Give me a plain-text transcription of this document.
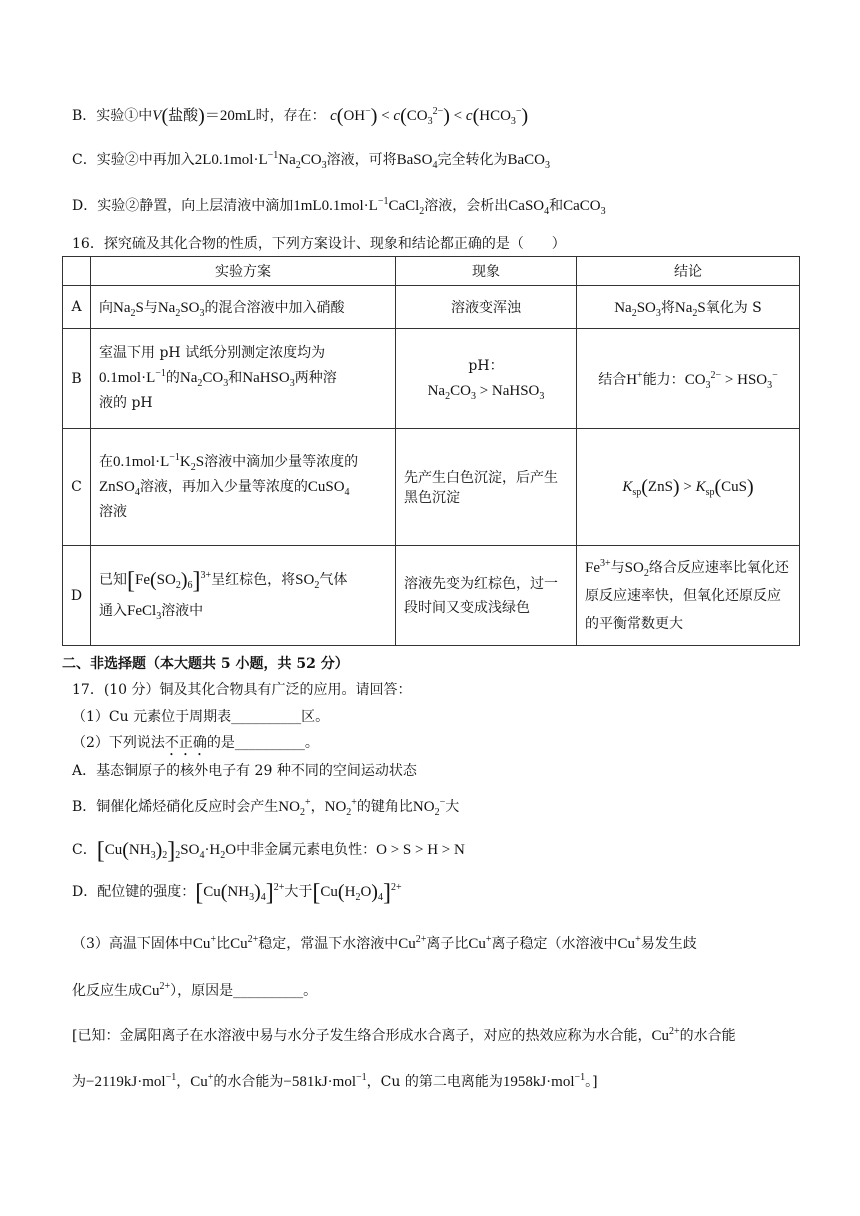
B．实验①中V(盐酸)＝20mL时，存在： $c(OH^-) < c(CO_3^{2-}) < c(HCO_3^-)$
C．实验②中再加入$2L0.1mol\cdot L^{-1}Na_2CO_3$溶液，可将BaSO$_4$完全转化为BaCO$_3$
D．实验②静置，向上层清液中滴加$1mL0.1mol\cdot L^{-1}CaCl_2$溶液，会析出CaSO$_4$和CaCO$_3$
16．探究硫及其化合物的性质，下列方案设计、现象和结论都正确的是（　　）
	实验方案	现象	结论
A	向$Na_2S$与$Na_2SO_3$的混合溶液中加入硝酸	溶液变浑浊	$Na_2SO_3$将$Na_2S$氧化为 S
B	室温下用 pH 试纸分别测定浓度均为
$0.1mol\cdot L^{-1}$的$Na_2CO_3$和NaHSO$_3$两种溶
液的 pH	pH：
$Na_2CO_3$ > NaHSO$_3$	结合H+能力：$CO_3^{2-} > HSO_3^-$
C	在$0.1mol\cdot L^{-1}K_2S$溶液中滴加少量等浓度的
ZnSO$_4$溶液，再加入少量等浓度的CuSO$_4$
溶液	先产生白色沉淀，后产生黑色沉淀	$K_{sp}(ZnS) > K_{sp}(CuS)$
D	已知$[Fe(SO_2)_6]^{3+}$呈红棕色，将$SO_2$气体
通入FeCl$_3$溶液中	溶液先变为红棕色，过一段时间又变成浅绿色	$Fe^{3+}$与$SO_2$络合反应速率比氧化还原反应速率快，但氧化还原反应的平衡常数更大
二、非选择题（本大题共 5 小题，共 52 分）
17．(10 分）铜及其化合物具有广泛的应用。请回答：
（1）Cu 元素位于周期表__________区。
（2）下列说法不正确的是__________。
A．基态铜原子的核外电子有 29 种不同的空间运动状态
B．铜催化烯烃硝化反应时会产生$NO_2^+$，$NO_2^+$的键角比$NO_2^-$大
C．$[Cu(NH_3)_2]_2SO_4\cdot H_2O$中非金属元素电负性：O > S > H > N
D．配位键的强度：$[Cu(NH_3)_4]^{2+}$大于$[Cu(H_2O)_4]^{2+}$
（3）高温下固体中Cu+比$Cu^{2+}$稳定，常温下水溶液中$Cu^{2+}$离子比Cu+离子稳定（水溶液中Cu+易发生歧
化反应生成$Cu^{2+}$），原因是__________。
[已知：金属阳离子在水溶液中易与水分子发生络合形成水合离子，对应的热效应称为水合能，$Cu^{2+}$的水合能
为−2119kJ·mol$^{-1}$，Cu+的水合能为−581kJ·mol$^{-1}$，Cu 的第二电离能为1958kJ·mol$^{-1}$。]
